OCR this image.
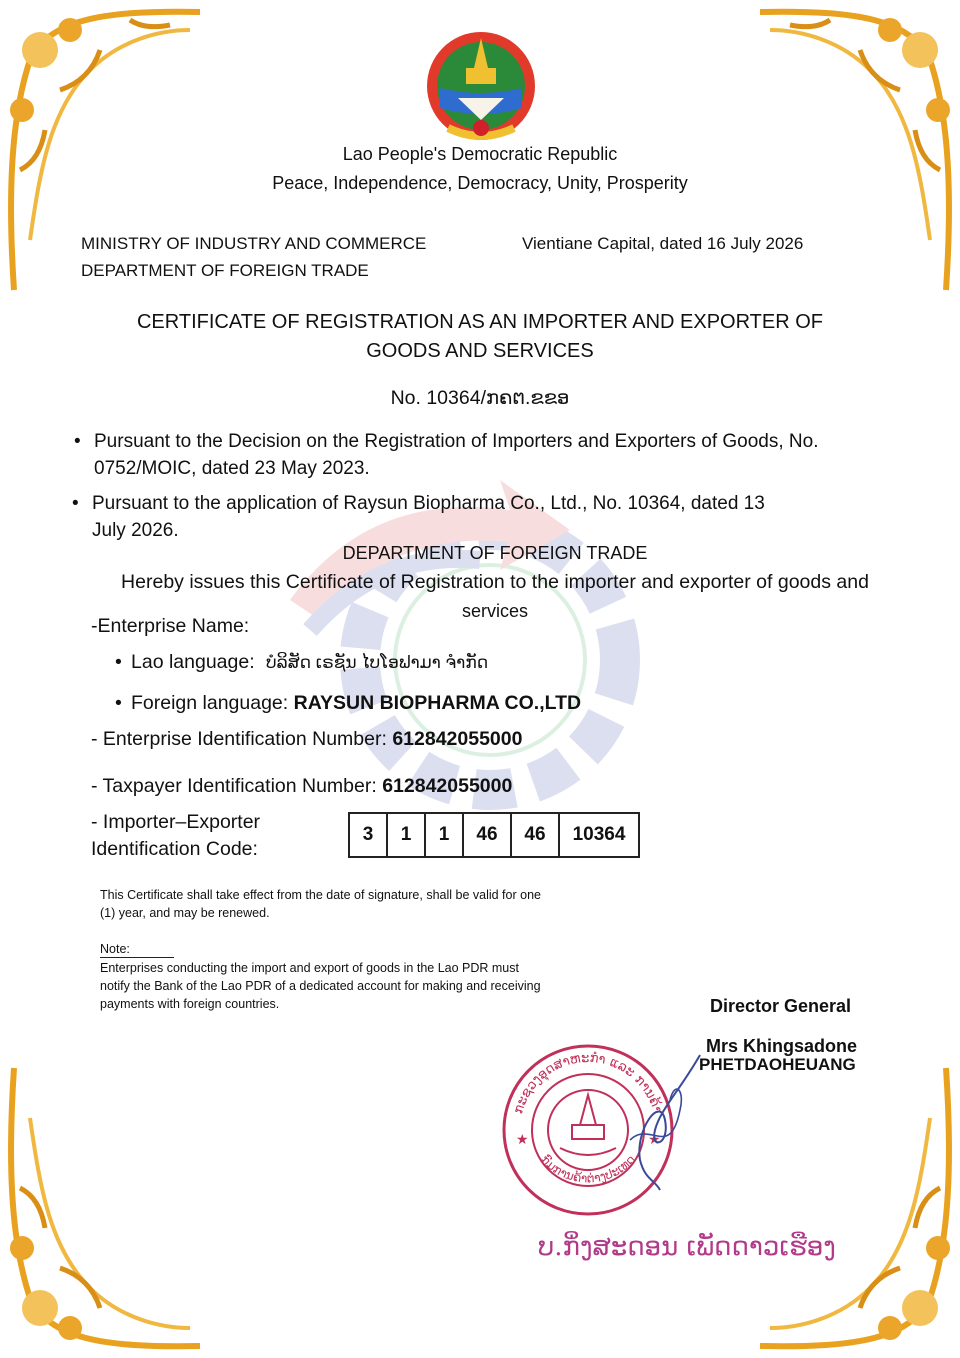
Lao People's Democratic Republic
Peace, Independence, Democracy, Unity, Prosperity
MINISTRY OF INDUSTRY AND COMMERCE
DEPARTMENT OF FOREIGN TRADE
Vientiane Capital, dated 16 July 2026
CERTIFICATE OF REGISTRATION AS AN IMPORTER AND EXPORTER OF
GOODS AND SERVICES
No. 10364/ກຄຕ.ຂຂອ
• Pursuant to the Decision on the Registration of Importers and Exporters of Goods, No.
0752/MOIC, dated 23 May 2023.
• Pursuant to the application of Raysun Biopharma Co., Ltd., No. 10364, dated 13
July 2026.
DEPARTMENT OF FOREIGN TRADE
Hereby issues this Certificate of Registration to the importer and exporter of goods and
services
-Enterprise Name:
• Lao language: ບໍລິສັດ ເຣຊັນ ໄບໂອຟາມາ ຈຳກັດ
• Foreign language: RAYSUN BIOPHARMA CO.,LTD
- Enterprise Identification Number: 612842055000
- Taxpayer Identification Number: 612842055000
- Importer–Exporter
Identification Code:
3	1	1	46	46	10364
This Certificate shall take effect from the date of signature, shall be valid for one
(1) year, and may be renewed.
Note:
Enterprises conducting the import and export of goods in the Lao PDR must
notify the Bank of the Lao PDR of a dedicated account for making and receiving
payments with foreign countries.	Director General
Mrs Khingsadone
PHETDAOHEUANG
ກະຊວງອຸດສາຫະກຳ ແລະ ການຄ້າ
ກົມການຄ້າຕ່າງປະເທດ
★	★
ບ.ກິ່ງສະດອນ ເພັດດາວເຮືອງ
